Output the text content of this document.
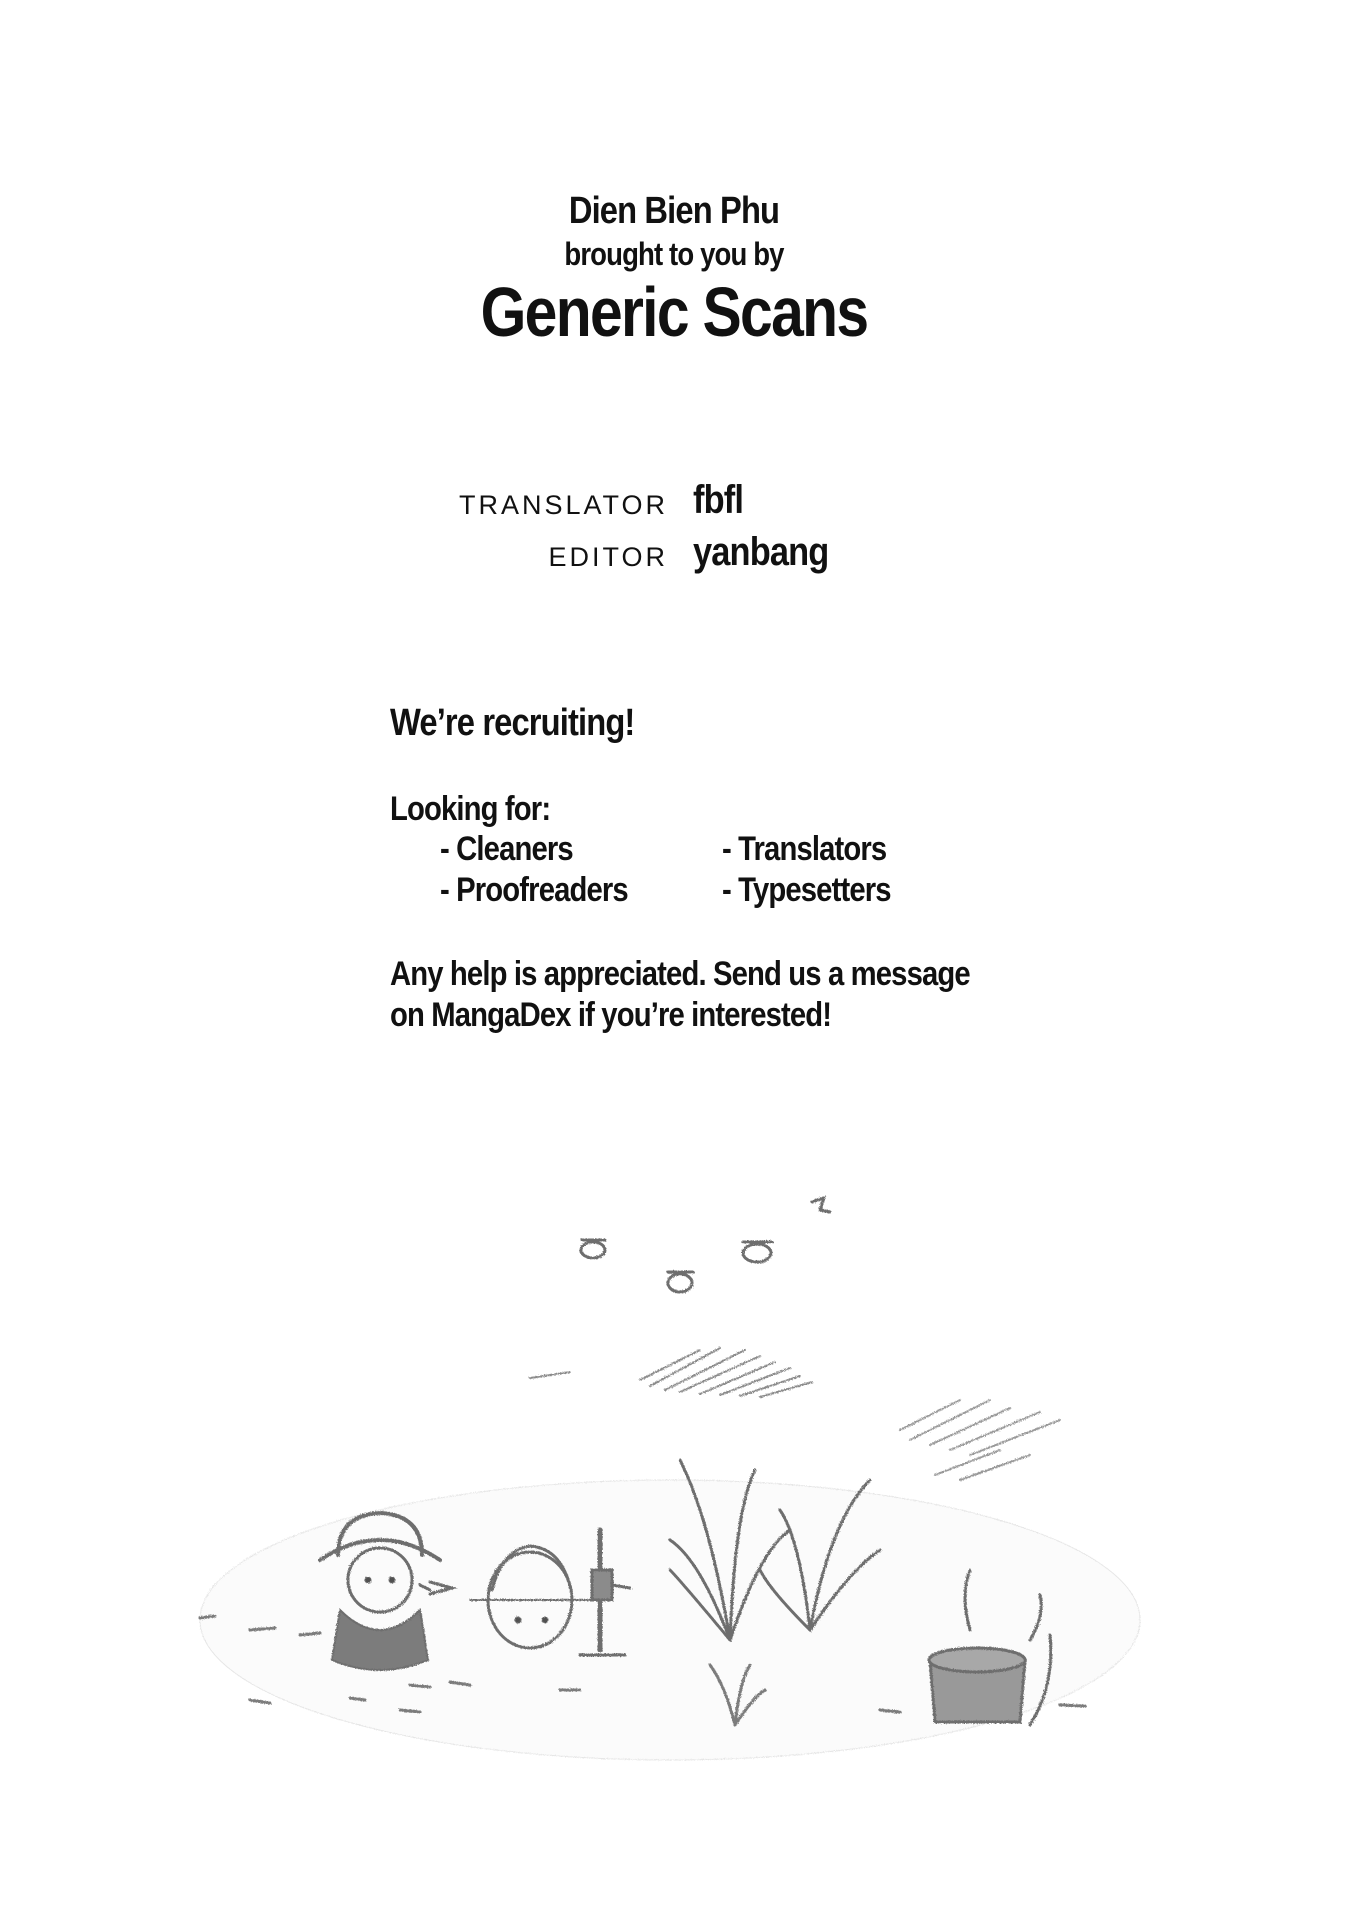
Dien Bien Phu
brought to you by
Generic Scans
TRANSLATOR fbfl
EDITOR yanbang
We’re recruiting!
Looking for:
- Cleaners	- Translators
- Proofreaders	- Typesetters
Any help is appreciated. Send us a message
on MangaDex if you’re interested!
